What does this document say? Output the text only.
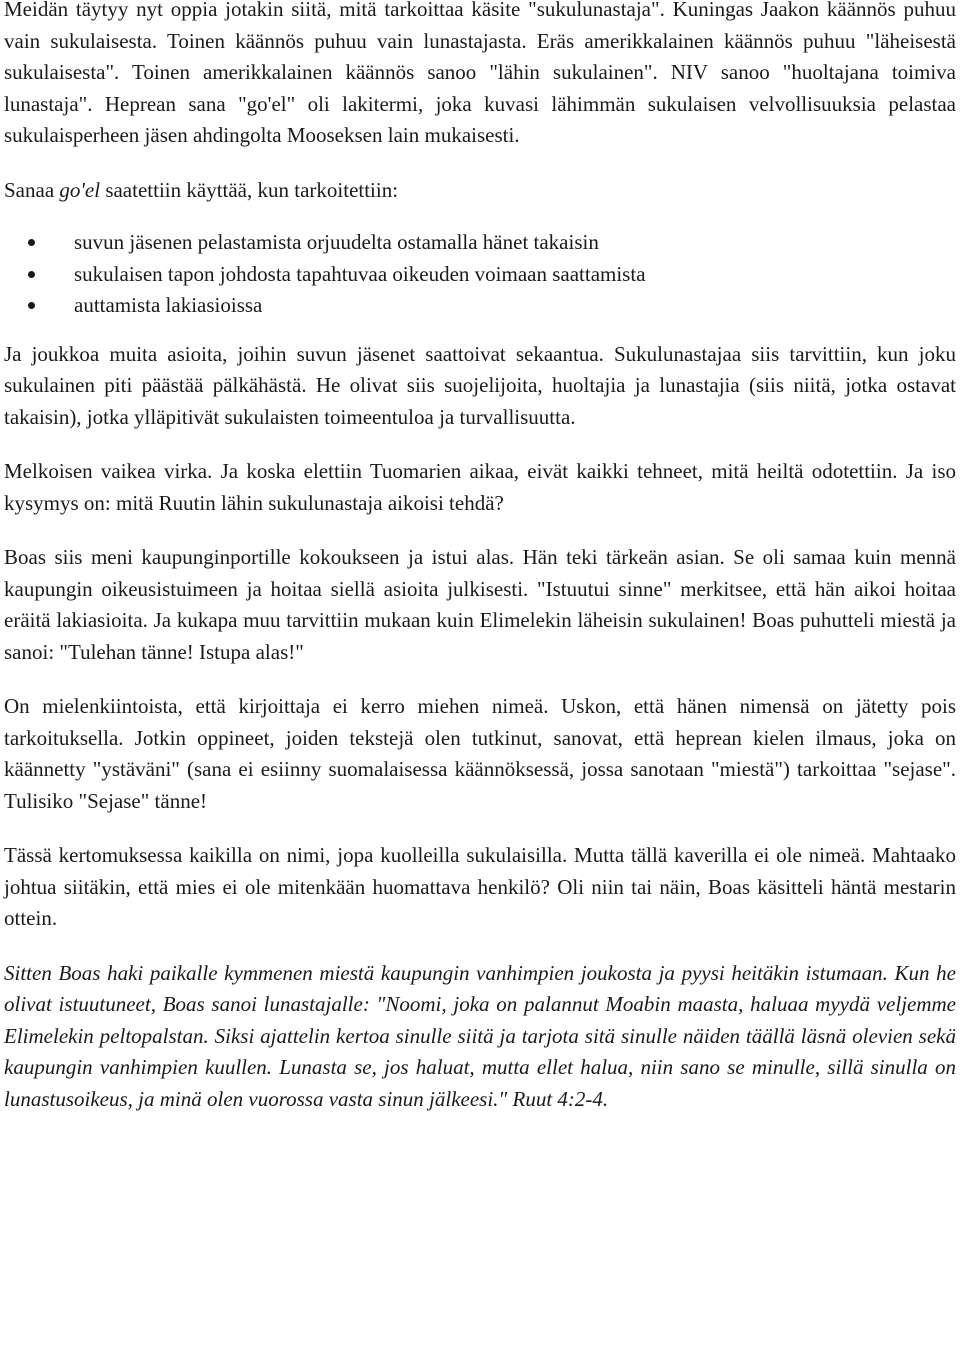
Meidän täytyy nyt oppia jotakin siitä, mitä tarkoittaa käsite "sukulunastaja". Kuningas Jaakon käännös puhuu vain sukulaisesta. Toinen käännös puhuu vain lunastajasta. Eräs amerikkalainen käännös puhuu "läheisestä sukulaisesta". Toinen amerikkalainen käännös sanoo "lähin sukulainen". NIV sanoo "huoltajana toimiva lunastaja". Heprean sana "go'el" oli lakitermi, joka kuvasi lähimmän sukulaisen velvollisuuksia pelastaa sukulaisperheen jäsen ahdingolta Mooseksen lain mukaisesti.

Sanaa go'el saatettiin käyttää, kun tarkoitettiin:

suvun jäsenen pelastamista orjuudelta ostamalla hänet takaisin
sukulaisen tapon johdosta tapahtuvaa oikeuden voimaan saattamista
auttamista lakiasioissa

Ja joukkoa muita asioita, joihin suvun jäsenet saattoivat sekaantua. Sukulunastajaa siis tarvittiin, kun joku sukulainen piti päästää pälkähästä. He olivat siis suojelijoita, huoltajia ja lunastajia (siis niitä, jotka ostavat takaisin), jotka ylläpitivät sukulaisten toimeentuloa ja turvallisuutta.

Melkoisen vaikea virka. Ja koska elettiin Tuomarien aikaa, eivät kaikki tehneet, mitä heiltä odotettiin. Ja iso kysymys on: mitä Ruutin lähin sukulunastaja aikoisi tehdä?

Boas siis meni kaupunginportille kokoukseen ja istui alas. Hän teki tärkeän asian. Se oli samaa kuin mennä kaupungin oikeusistuimeen ja hoitaa siellä asioita julkisesti. "Istuutui sinne" merkitsee, että hän aikoi hoitaa eräitä lakiasioita. Ja kukapa muu tarvittiin mukaan kuin Elimelekin läheisin sukulainen! Boas puhutteli miestä ja sanoi: "Tulehan tänne! Istupa alas!"

On mielenkiintoista, että kirjoittaja ei kerro miehen nimeä. Uskon, että hänen nimensä on jätetty pois tarkoituksella. Jotkin oppineet, joiden tekstejä olen tutkinut, sanovat, että heprean kielen ilmaus, joka on käännetty "ystäväni" (sana ei esiinny suomalaisessa käännöksessä, jossa sanotaan "miestä") tarkoittaa "sejase". Tulisiko "Sejase" tänne!

Tässä kertomuksessa kaikilla on nimi, jopa kuolleilla sukulaisilla. Mutta tällä kaverilla ei ole nimeä. Mahtaako johtua siitäkin, että mies ei ole mitenkään huomattava henkilö? Oli niin tai näin, Boas käsitteli häntä mestarin ottein.

Sitten Boas haki paikalle kymmenen miestä kaupungin vanhimpien joukosta ja pyysi heitäkin istumaan. Kun he olivat istuutuneet, Boas sanoi lunastajalle: "Noomi, joka on palannut Moabin maasta, haluaa myydä veljemme Elimelekin peltopalstan. Siksi ajattelin kertoa sinulle siitä ja tarjota sitä sinulle näiden täällä läsnä olevien sekä kaupungin vanhimpien kuullen. Lunasta se, jos haluat, mutta ellet halua, niin sano se minulle, sillä sinulla on lunastusoikeus, ja minä olen vuorossa vasta sinun jälkeesi." Ruut 4:2-4.
